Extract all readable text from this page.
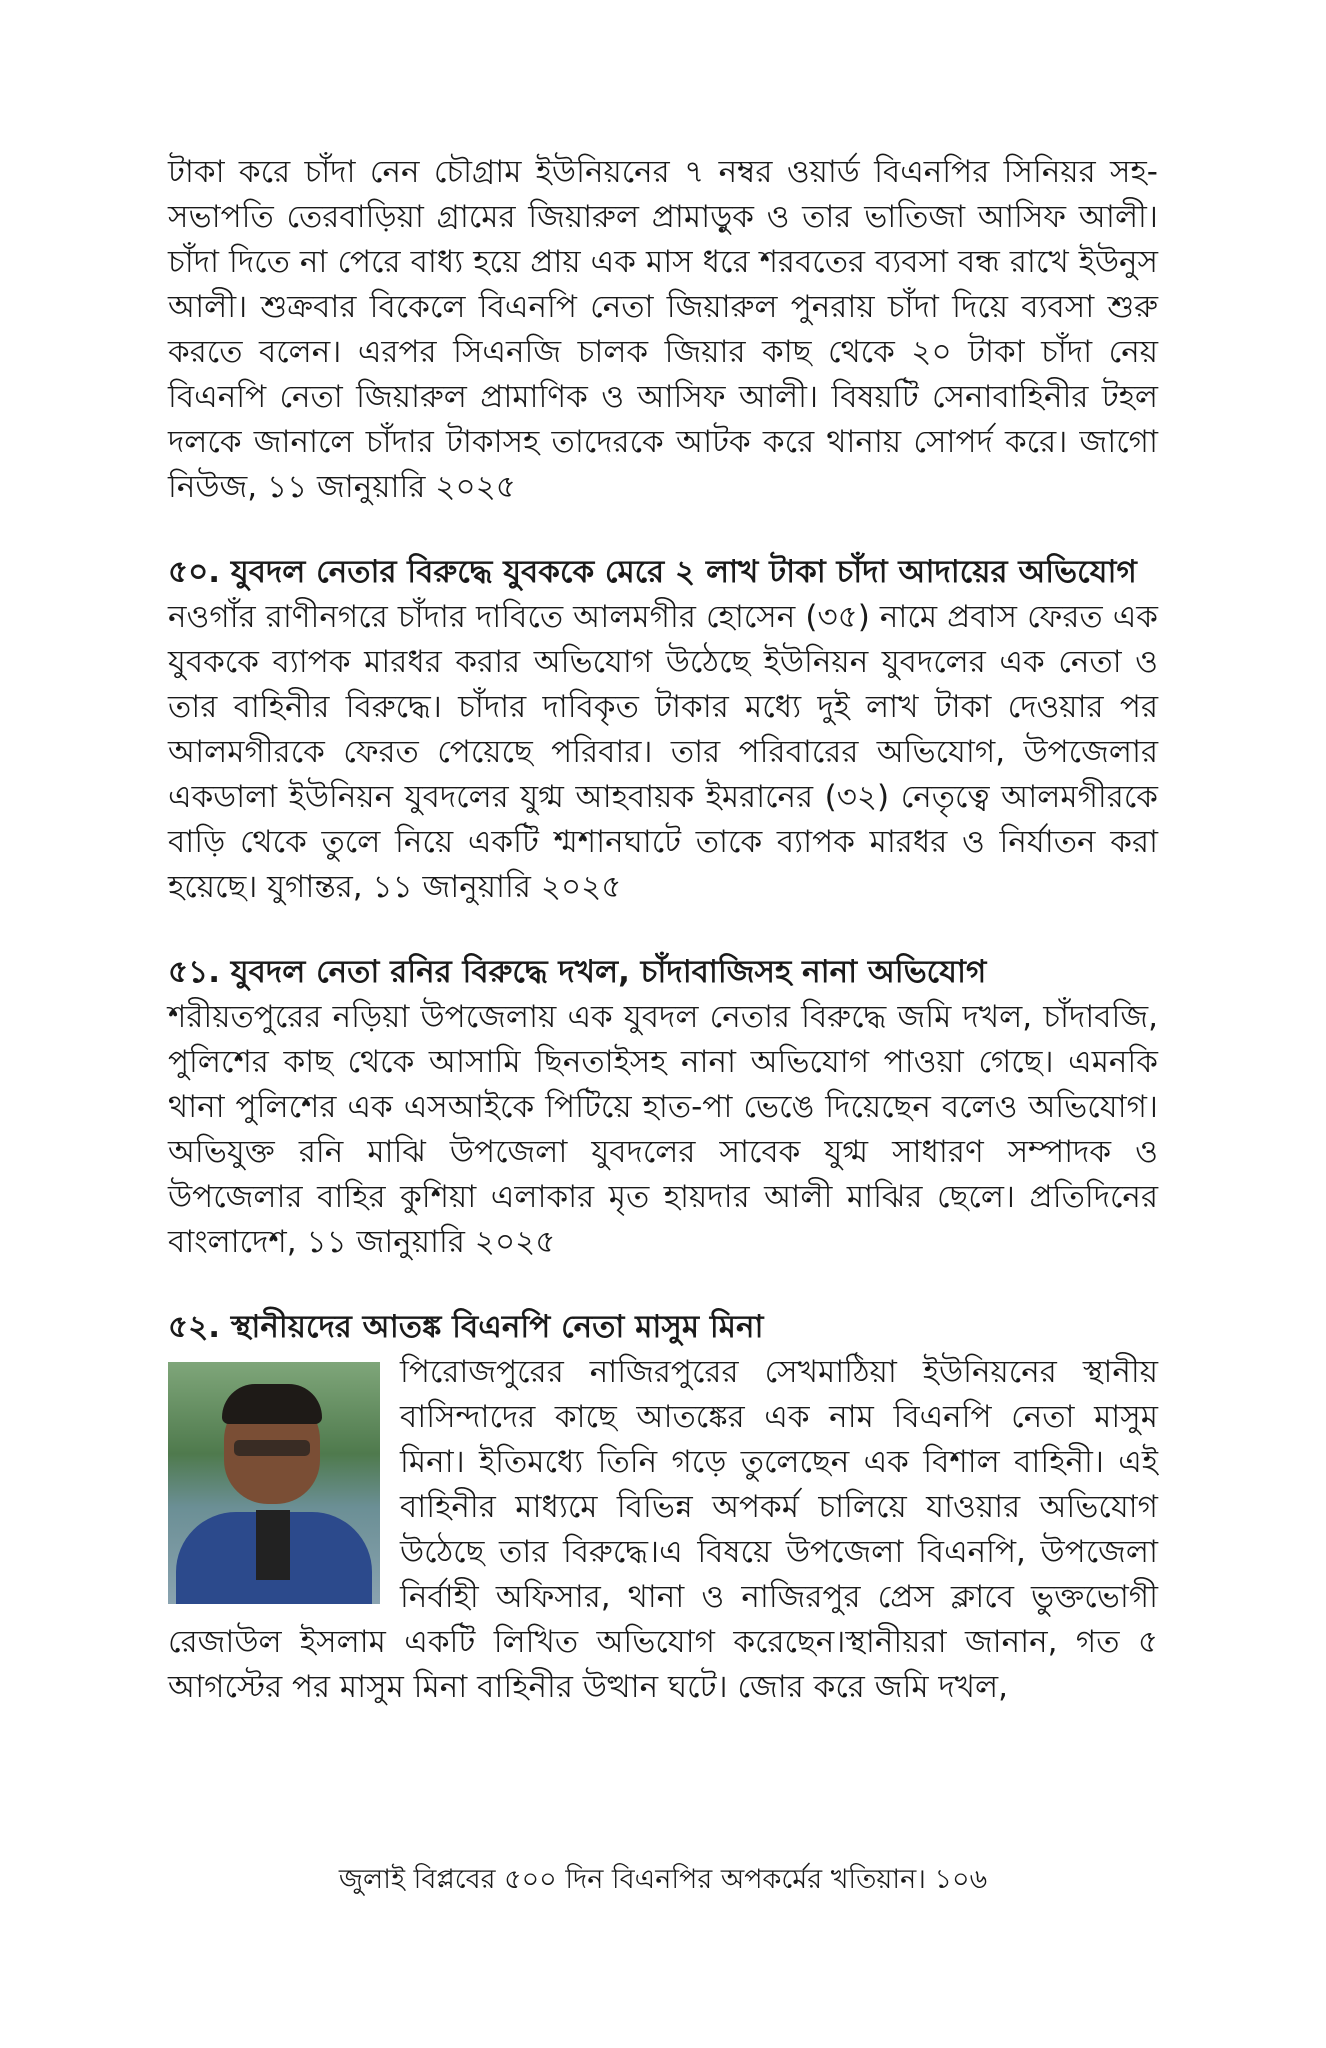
টাকা করে চাঁদা নেন চৌগ্রাম ইউনিয়নের ৭ নম্বর ওয়ার্ড বিএনপির সিনিয়র সহ-সভাপতি তেরবাড়িয়া গ্রামের জিয়ারুল প্রামাড়ুক ও তার ভাতিজা আসিফ আলী। চাঁদা দিতে না পেরে বাধ্য হয়ে প্রায় এক মাস ধরে শরবতের ব্যবসা বন্ধ রাখে ইউনুস আলী। শুক্রবার বিকেলে বিএনপি নেতা জিয়ারুল পুনরায় চাঁদা দিয়ে ব্যবসা শুরু করতে বলেন। এরপর সিএনজি চালক জিয়ার কাছ থেকে ২০ টাকা চাঁদা নেয় বিএনপি নেতা জিয়ারুল প্রামাণিক ও আসিফ আলী। বিষয়টি সেনাবাহিনীর টহল দলকে জানালে চাঁদার টাকাসহ তাদেরকে আটক করে থানায় সোপর্দ করে। জাগো নিউজ, ১১ জানুয়ারি ২০২৫

৫০. যুবদল নেতার বিরুদ্ধে যুবককে মেরে ২ লাখ টাকা চাঁদা আদায়ের অভিযোগ

নওগাঁর রাণীনগরে চাঁদার দাবিতে আলমগীর হোসেন (৩৫) নামে প্রবাস ফেরত এক যুবককে ব্যাপক মারধর করার অভিযোগ উঠেছে ইউনিয়ন যুবদলের এক নেতা ও তার বাহিনীর বিরুদ্ধে। চাঁদার দাবিকৃত টাকার মধ্যে দুই লাখ টাকা দেওয়ার পর আলমগীরকে ফেরত পেয়েছে পরিবার। তার পরিবারের অভিযোগ, উপজেলার একডালা ইউনিয়ন যুবদলের যুগ্ম আহবায়ক ইমরানের (৩২) নেতৃত্বে আলমগীরকে বাড়ি থেকে তুলে নিয়ে একটি শ্মশানঘাটে তাকে ব্যাপক মারধর ও নির্যাতন করা হয়েছে। যুগান্তর, ১১ জানুয়ারি ২০২৫

৫১. যুবদল নেতা রনির বিরুদ্ধে দখল, চাঁদাবাজিসহ নানা অভিযোগ

শরীয়তপুরের নড়িয়া উপজেলায় এক যুবদল নেতার বিরুদ্ধে জমি দখল, চাঁদাবজি, পুলিশের কাছ থেকে আসামি ছিনতাইসহ নানা অভিযোগ পাওয়া গেছে। এমনকি থানা পুলিশের এক এসআইকে পিটিয়ে হাত-পা ভেঙে দিয়েছেন বলেও অভিযোগ। অভিযুক্ত রনি মাঝি উপজেলা যুবদলের সাবেক যুগ্ম সাধারণ সম্পাদক ও উপজেলার বাহির কুশিয়া এলাকার মৃত হায়দার আলী মাঝির ছেলে। প্রতিদিনের বাংলাদেশ, ১১ জানুয়ারি ২০২৫

৫২. স্থানীয়দের আতঙ্ক বিএনপি নেতা মাসুম মিনা

পিরোজপুরের নাজিরপুরের সেখমাঠিয়া ইউনিয়নের স্থানীয় বাসিন্দাদের কাছে আতঙ্কের এক নাম বিএনপি নেতা মাসুম মিনা। ইতিমধ্যে তিনি গড়ে তুলেছেন এক বিশাল বাহিনী। এই বাহিনীর মাধ্যমে বিভিন্ন অপকর্ম চালিয়ে যাওয়ার অভিযোগ উঠেছে তার বিরুদ্ধে।এ বিষয়ে উপজেলা বিএনপি, উপজেলা নির্বাহী অফিসার, থানা ও নাজিরপুর প্রেস ক্লাবে ভুক্তভোগী রেজাউল ইসলাম একটি লিখিত অভিযোগ করেছেন।স্থানীয়রা জানান, গত ৫ আগস্টের পর মাসুম মিনা বাহিনীর উত্থান ঘটে। জোর করে জমি দখল,

জুলাই বিপ্লবের ৫০০ দিন বিএনপির অপকর্মের খতিয়ান। ১০৬
